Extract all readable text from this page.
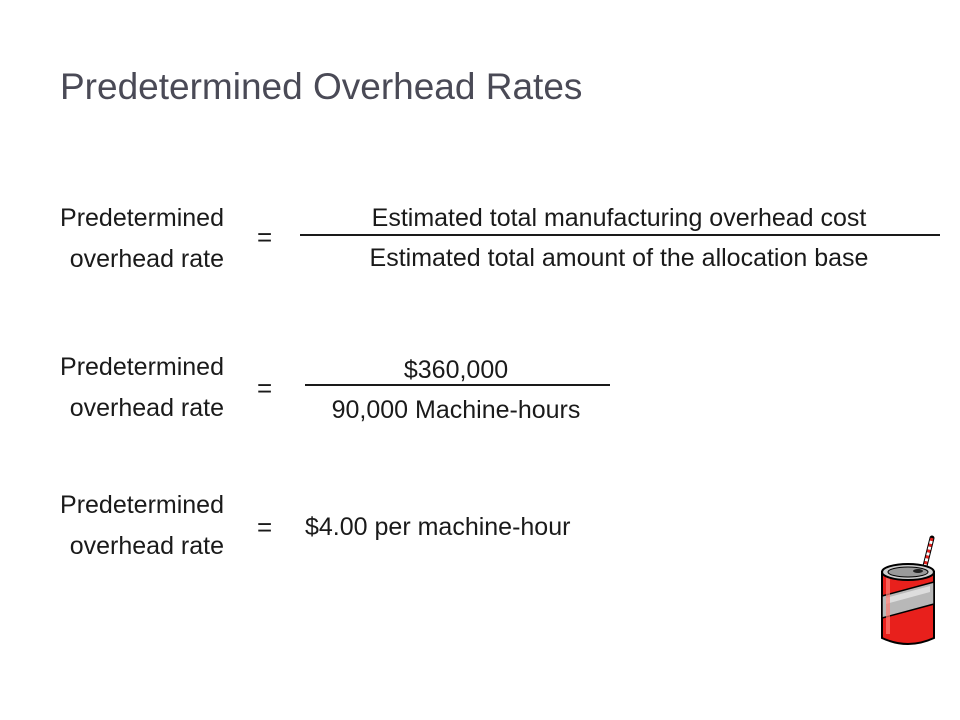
Predetermined Overhead Rates
Predetermined
overhead rate
=
Estimated total manufacturing overhead cost
Estimated total amount of the allocation base
Predetermined
overhead rate
=
$360,000
90,000 Machine-hours
Predetermined
overhead rate
= $4.00 per machine-hour
